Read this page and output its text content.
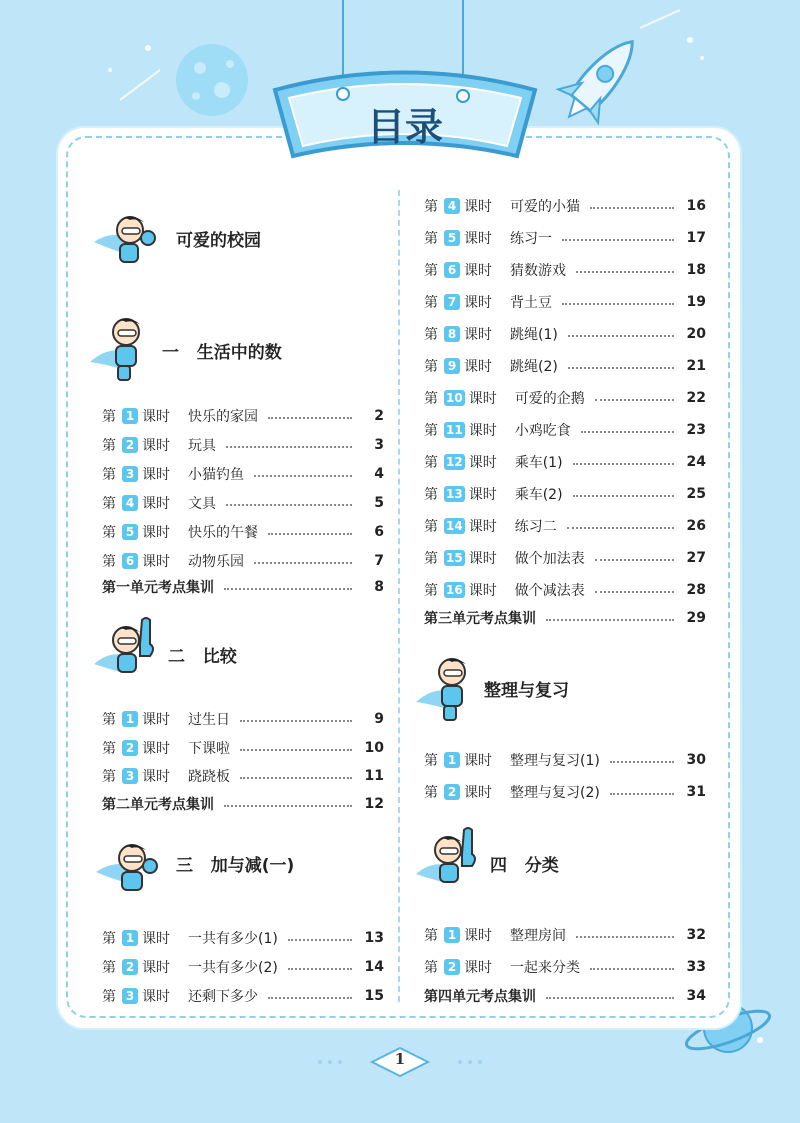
目录
可爱的校园
一   生活中的数
二   比较
三   加与减(一)
整理与复习
四   分类
第 1 课时 快乐的家园	2
第 2 课时 玩具	3
第 3 课时 小猫钓鱼	4
第 4 课时 文具	5
第 5 课时 快乐的午餐	6
第 6 课时 动物乐园	7
第一单元考点集训	8
第 1 课时 过生日	9
第 2 课时 下课啦	10
第 3 课时 跷跷板	11
第二单元考点集训	12
第 1 课时 一共有多少(1)	13
第 2 课时 一共有多少(2)	14
第 3 课时 还剩下多少	15
第 4 课时 可爱的小猫	16
第 5 课时 练习一	17
第 6 课时 猜数游戏	18
第 7 课时 背土豆	19
第 8 课时 跳绳(1)	20
第 9 课时 跳绳(2)	21
第 10 课时 可爱的企鹅	22
第 11 课时 小鸡吃食	23
第 12 课时 乘车(1)	24
第 13 课时 乘车(2)	25
第 14 课时 练习二	26
第 15 课时 做个加法表	27
第 16 课时 做个减法表	28
第三单元考点集训	29
第 1 课时 整理与复习(1)	30
第 2 课时 整理与复习(2)	31
第 1 课时 整理房间	32
第 2 课时 一起来分类	33
第四单元考点集训	34
1
